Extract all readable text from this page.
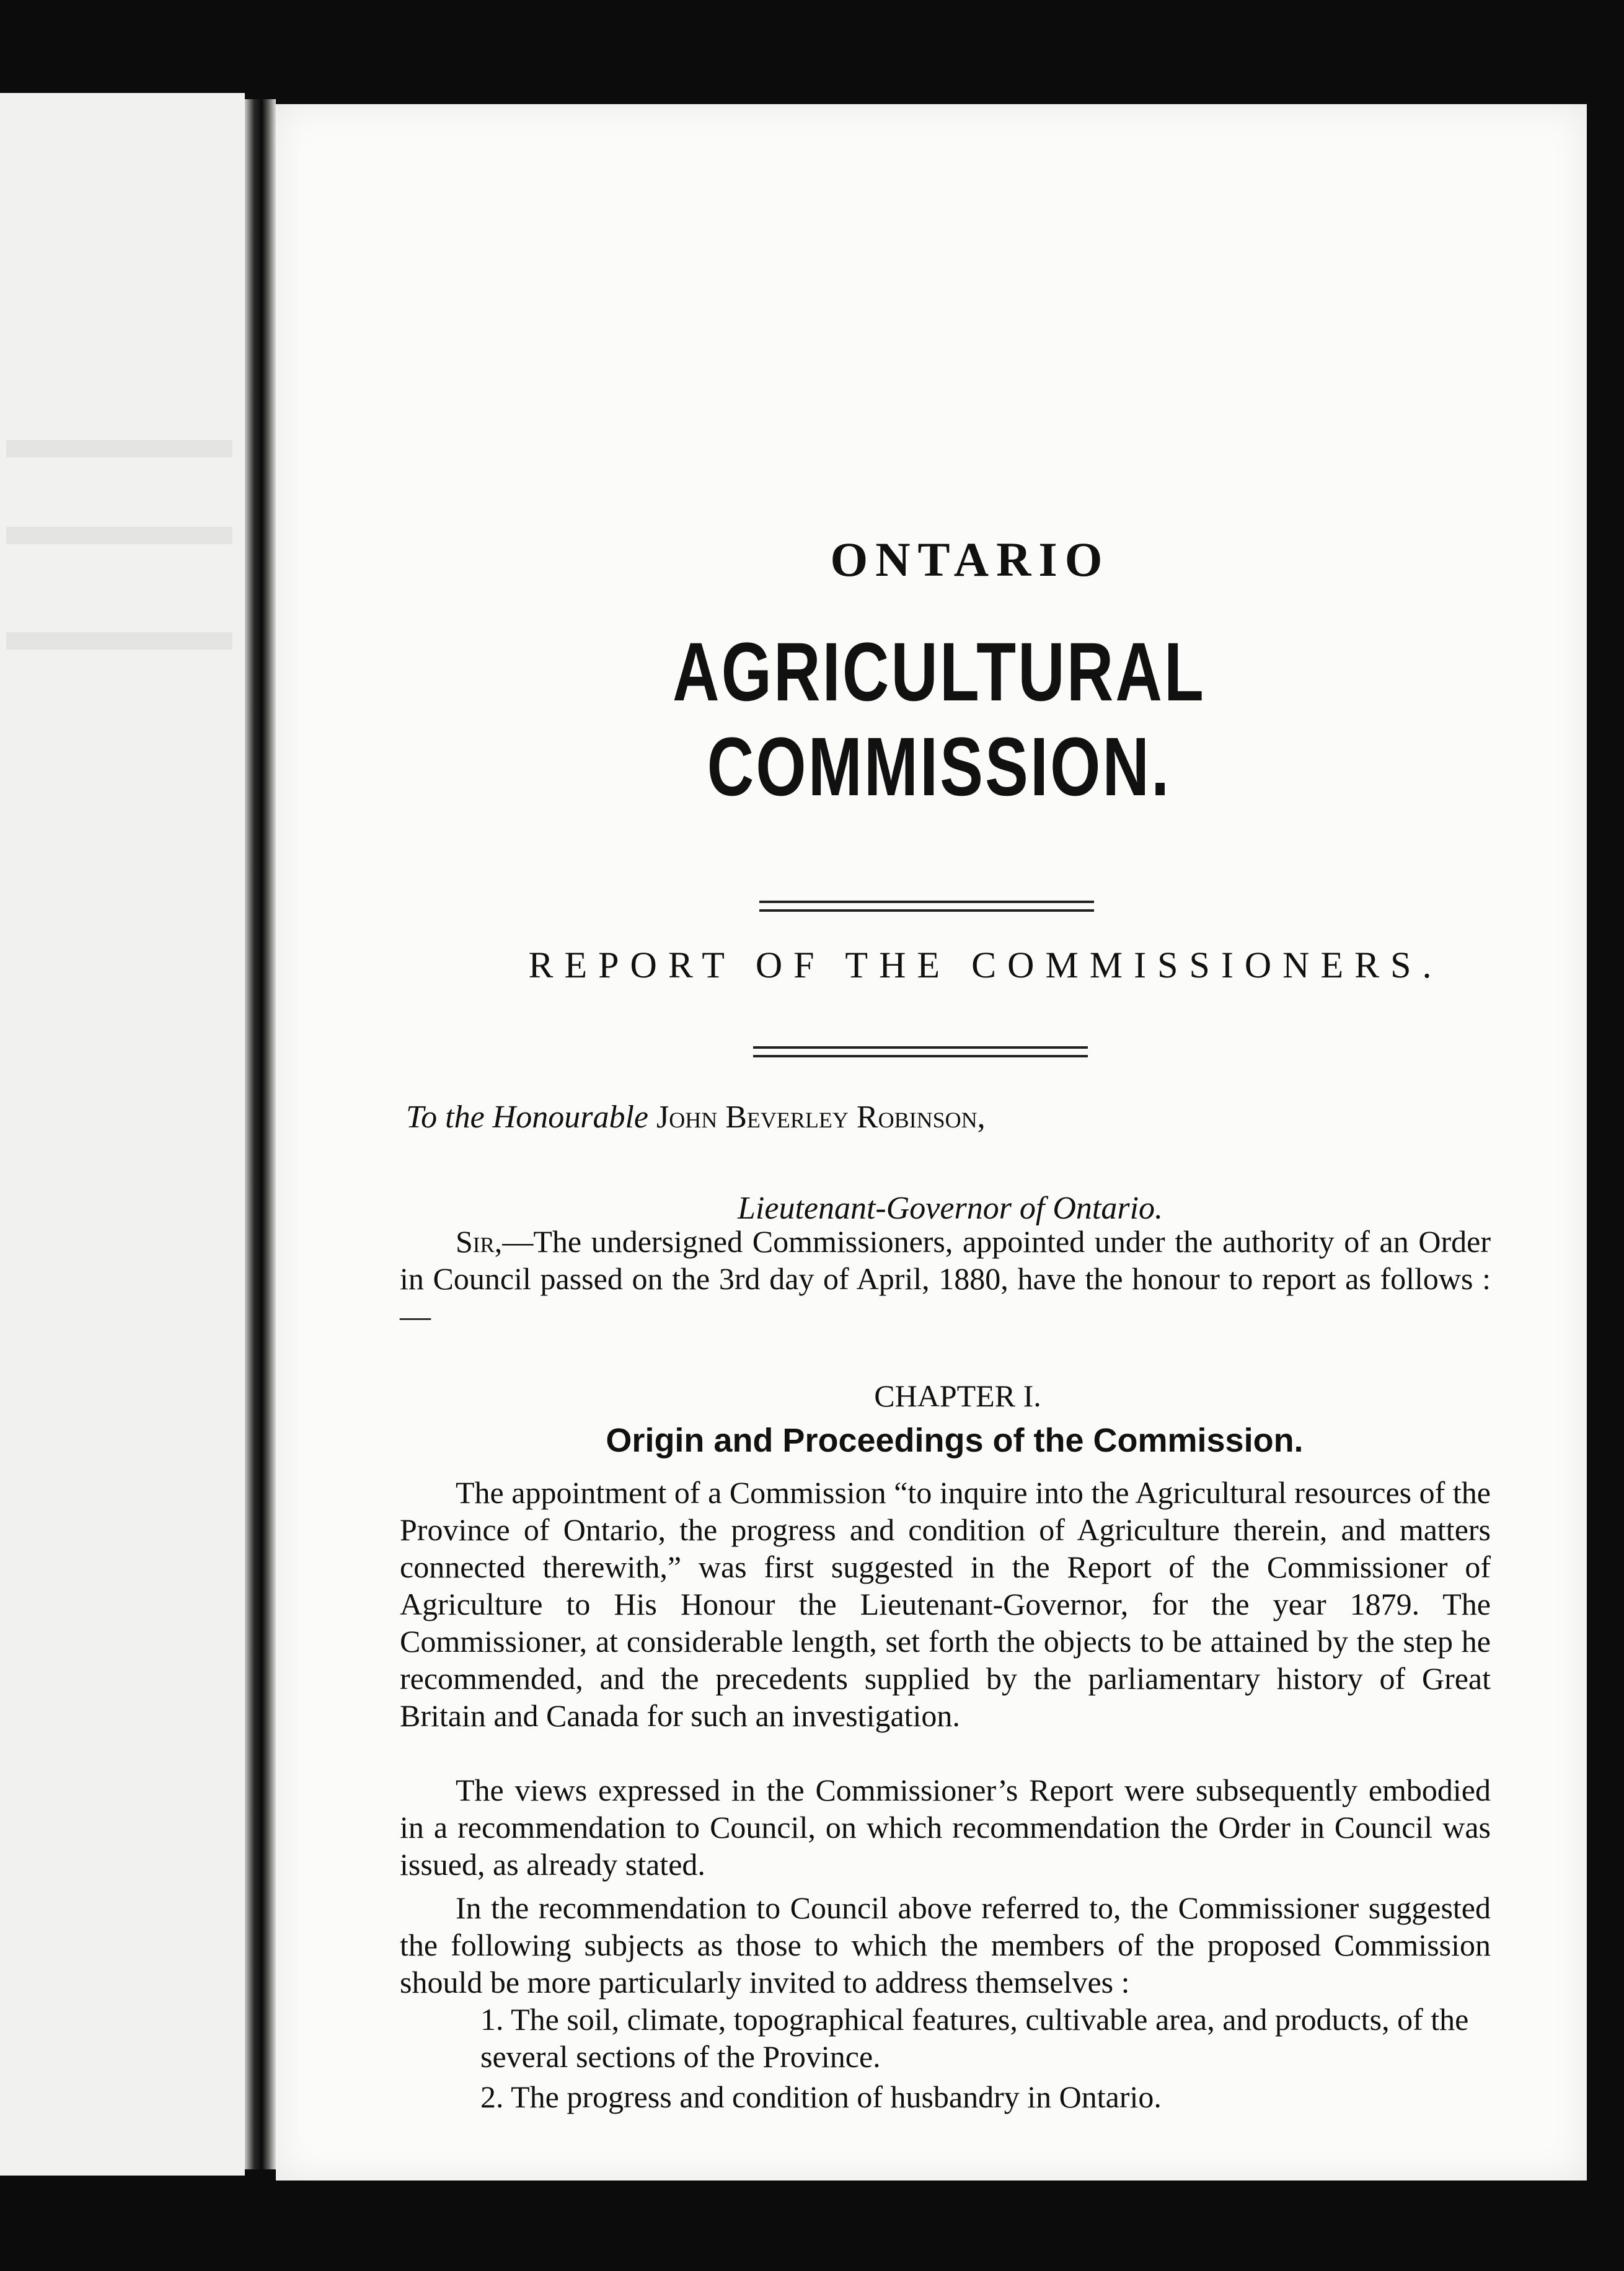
ONTARIO
AGRICULTURAL COMMISSION.
REPORT OF THE COMMISSIONERS.
To the Honourable John Beverley Robinson,
Lieutenant-Governor of Ontario.
Sir,—The undersigned Commissioners, appointed under the authority of an Order in Council passed on the 3rd day of April, 1880, have the honour to report as follows :—
CHAPTER I.
Origin and Proceedings of the Commission.
The appointment of a Commission “to inquire into the Agricultural resources of the Province of Ontario, the progress and condition of Agriculture therein, and matters connected therewith,” was first suggested in the Report of the Commissioner of Agriculture to His Honour the Lieutenant-Governor, for the year 1879. The Commissioner, at considerable length, set forth the objects to be attained by the step he recommended, and the precedents supplied by the parliamentary history of Great Britain and Canada for such an investigation.
The views expressed in the Commissioner’s Report were subsequently embodied in a recommendation to Council, on which recommendation the Order in Council was issued, as already stated.
In the recommendation to Council above referred to, the Commissioner suggested the following subjects as those to which the members of the proposed Commission should be more particularly invited to address themselves :
1. The soil, climate, topographical features, cultivable area, and products, of the several sections of the Province.
2. The progress and condition of husbandry in Ontario.
